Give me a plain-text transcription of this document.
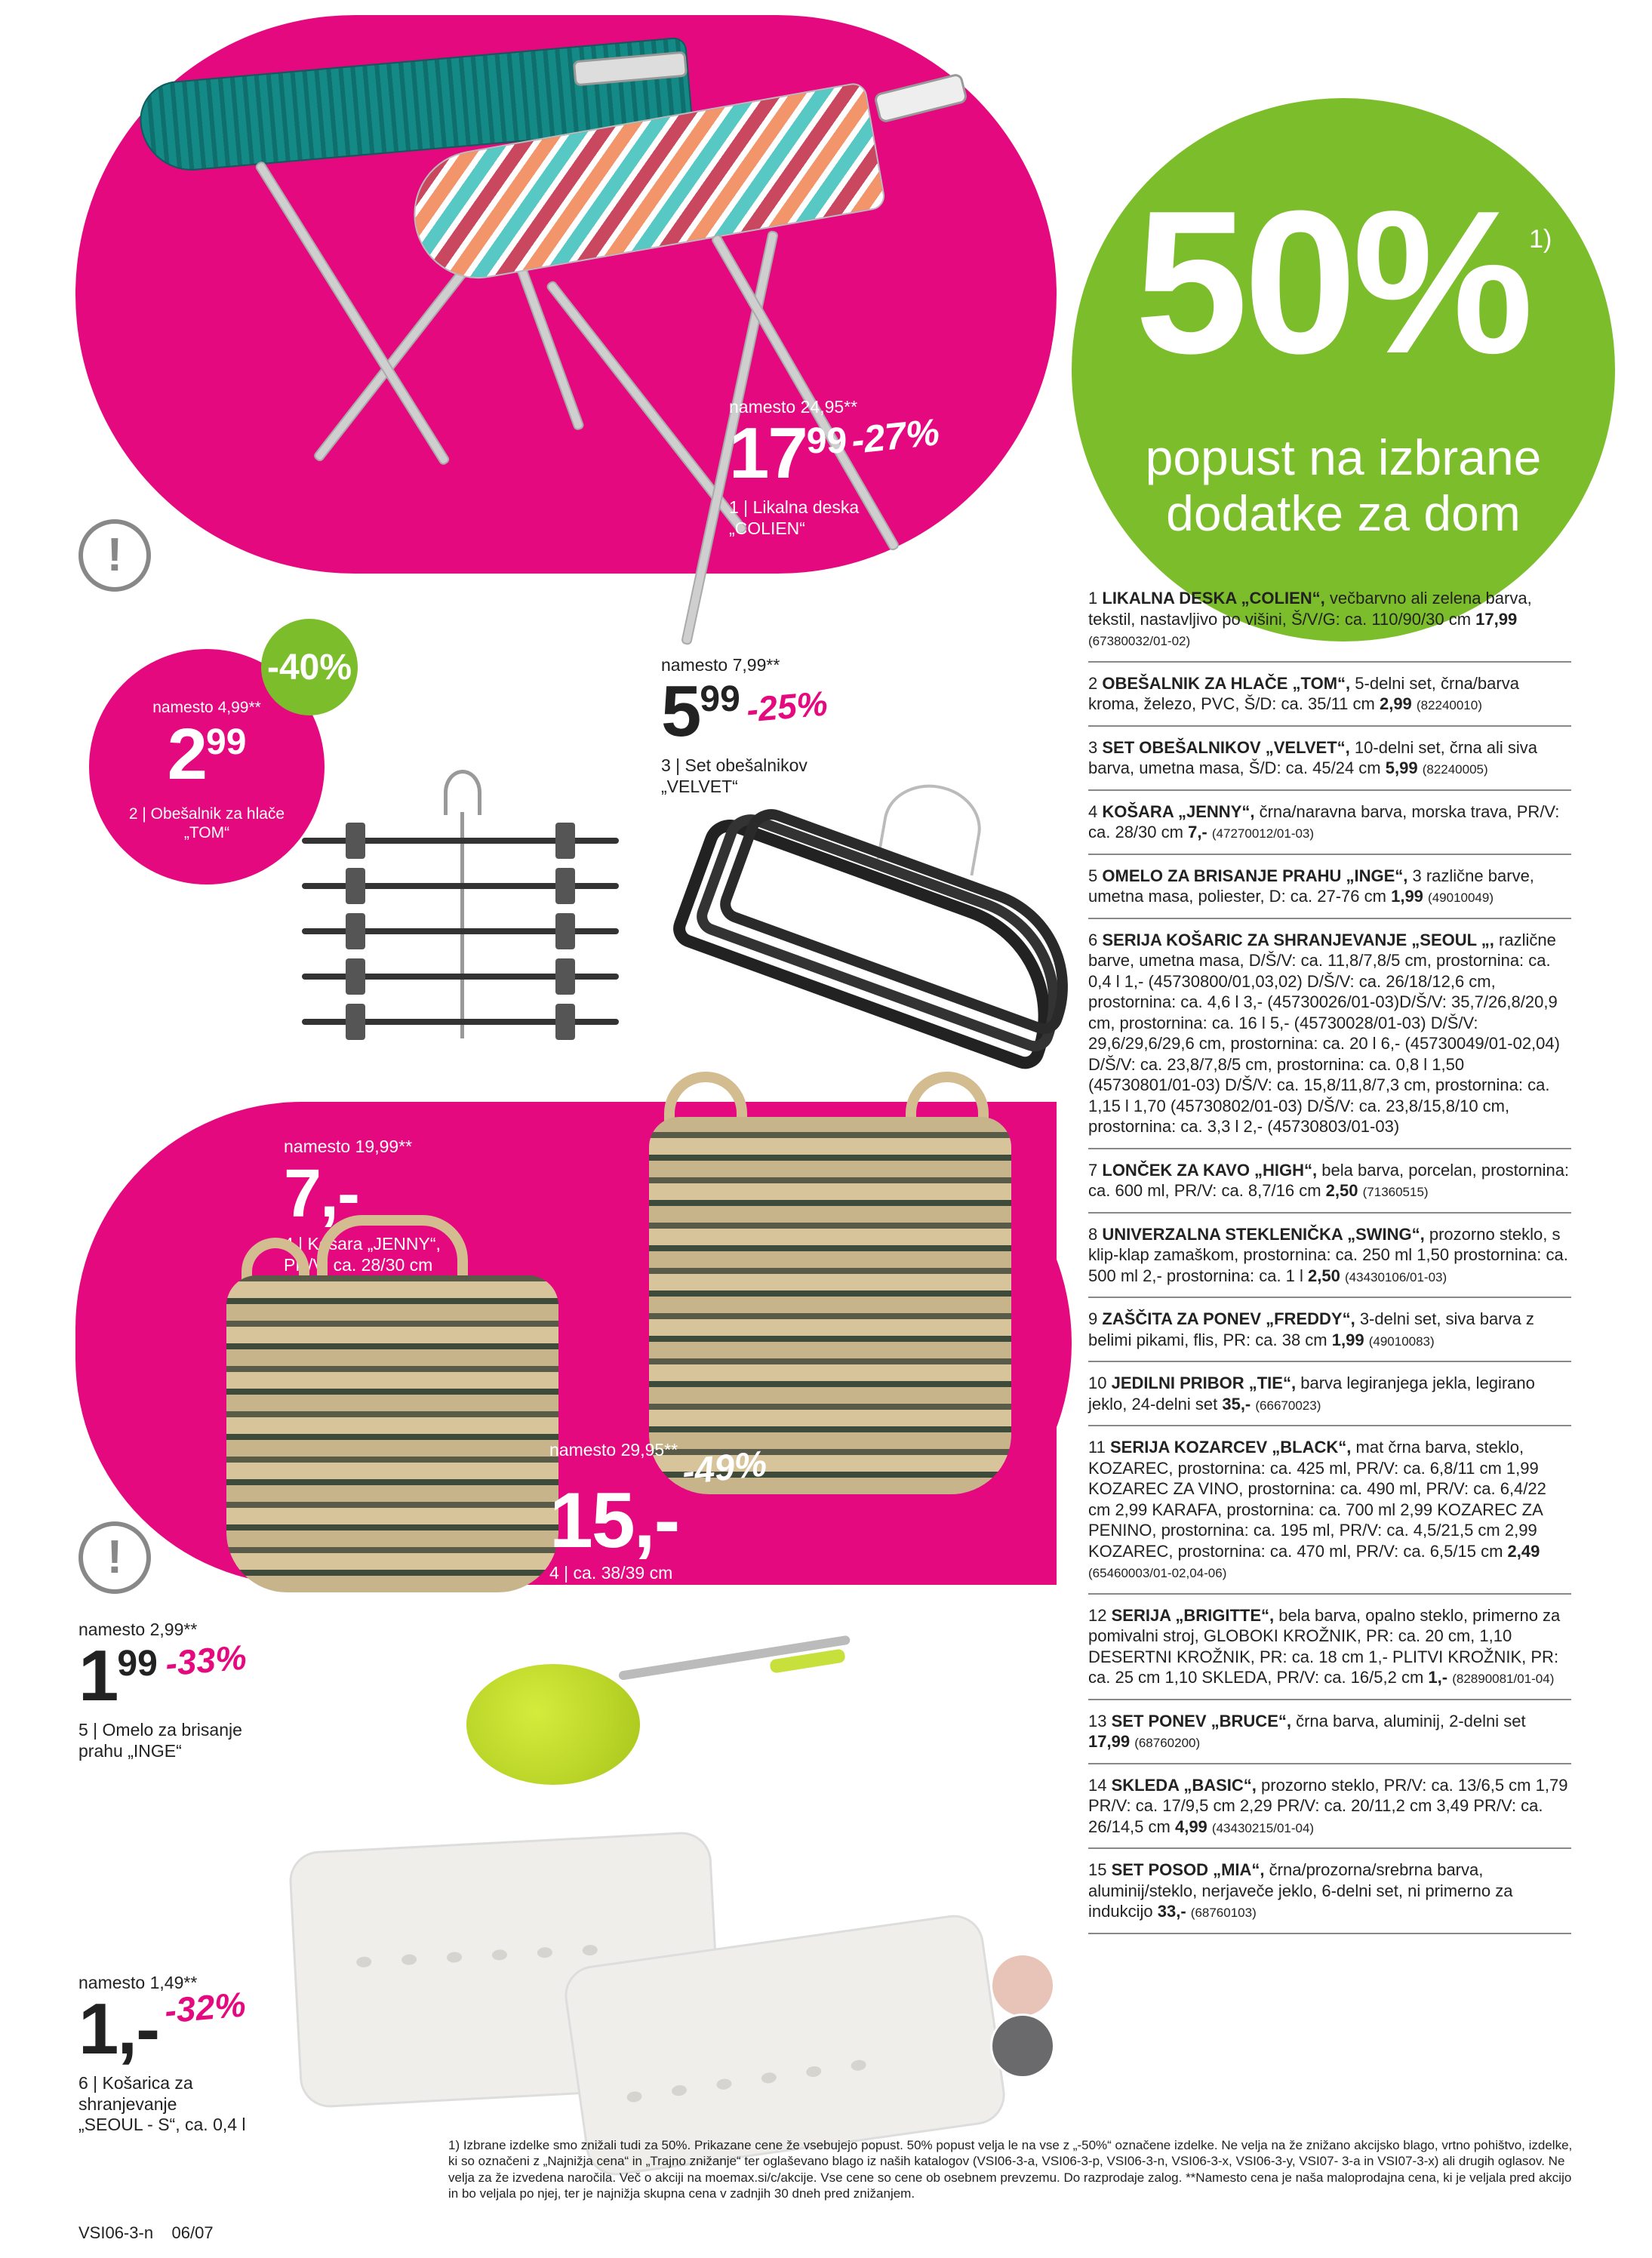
50%$^{1)}$
popust na izbrane
dodatke za dom
namesto 24,95**
$17^{99}$ -27%
1 | Likalna deska
„COLIEN“
!
-40%
namesto 4,99**
$2^{99}$
2 | Obešalnik za hlače
„TOM“
namesto 7,99**
$5^{99}$ -25%
3 | Set obešalnikov
„VELVET“
namesto 19,99**
7,-
4 | Košara „JENNY“,
PR/V: ca. 28/30 cm
namesto 29,95** -49%
15,-
4 | ca. 38/39 cm
!
namesto 2,99**
$1^{99}$ -33%
5 | Omelo za brisanje
prahu „INGE“
namesto 1,49**
1,- -32%
6 | Košarica za
shranjevanje
„SEOUL - S“, ca. 0,4 l
1 LIKALNA DESKA „COLIEN“, večbarvno ali zelena barva, tekstil, nastavljivo po višini, Š/V/G: ca. 110/90/30 cm 17,99 (67380032/01-02)
2 OBEŠALNIK ZA HLAČE „TOM“, 5-delni set, črna/barva kroma, železo, PVC, Š/D: ca. 35/11 cm 2,99 (82240010)
3 SET OBEŠALNIKOV „VELVET“, 10-delni set, črna ali siva barva, umetna masa, Š/D: ca. 45/24 cm 5,99 (82240005)
4 KOŠARA „JENNY“, črna/naravna barva, morska trava, PR/V: ca. 28/30 cm 7,- (47270012/01-03)
5 OMELO ZA BRISANJE PRAHU „INGE“, 3 različne barve, umetna masa, poliester, D: ca. 27-76 cm 1,99 (49010049)
6 SERIJA KOŠARIC ZA SHRANJEVANJE „SEOUL „, različne barve, umetna masa, D/Š/V: ca. 11,8/7,8/5 cm, prostornina: ca. 0,4 l 1,- (45730800/01,03,02) D/Š/V: ca. 26/18/12,6 cm, prostornina: ca. 4,6 l 3,- (45730026/01-03)D/Š/V: 35,7/26,8/20,9 cm, prostornina: ca. 16 l 5,- (45730028/01-03) D/Š/V: 29,6/29,6/29,6 cm, prostornina: ca. 20 l 6,- (45730049/01-02,04) D/Š/V: ca. 23,8/7,8/5 cm, prostornina: ca. 0,8 l 1,50 (45730801/01-03) D/Š/V: ca. 15,8/11,8/7,3 cm, prostornina: ca. 1,15 l 1,70 (45730802/01-03) D/Š/V: ca. 23,8/15,8/10 cm, prostornina: ca. 3,3 l 2,- (45730803/01-03)
7 LONČEK ZA KAVO „HIGH“, bela barva, porcelan, prostornina: ca. 600 ml, PR/V: ca. 8,7/16 cm 2,50 (71360515)
8 UNIVERZALNA STEKLENIČKA „SWING“, prozorno steklo, s klip-klap zamaškom, prostornina: ca. 250 ml 1,50 prostornina: ca. 500 ml 2,- prostornina: ca. 1 l 2,50 (43430106/01-03)
9 ZAŠČITA ZA PONEV „FREDDY“, 3-delni set, siva barva z belimi pikami, flis, PR: ca. 38 cm 1,99 (49010083)
10 JEDILNI PRIBOR „TIE“, barva legiranjega jekla, legirano jeklo, 24-delni set 35,- (66670023)
11 SERIJA KOZARCEV „BLACK“, mat črna barva, steklo, KOZAREC, prostornina: ca. 425 ml, PR/V: ca. 6,8/11 cm 1,99 KOZAREC ZA VINO, prostornina: ca. 490 ml, PR/V: ca. 6,4/22 cm 2,99 KARAFA, prostornina: ca. 700 ml 2,99 KOZAREC ZA PENINO, prostornina: ca. 195 ml, PR/V: ca. 4,5/21,5 cm 2,99 KOZAREC, prostornina: ca. 470 ml, PR/V: ca. 6,5/15 cm 2,49 (65460003/01-02,04-06)
12 SERIJA „BRIGITTE“, bela barva, opalno steklo, primerno za pomivalni stroj, GLOBOKI KROŽNIK, PR: ca. 20 cm, 1,10 DESERTNI KROŽNIK, PR: ca. 18 cm 1,- PLITVI KROŽNIK, PR: ca. 25 cm 1,10 SKLEDA, PR/V: ca. 16/5,2 cm 1,- (82890081/01-04)
13 SET PONEV „BRUCE“, črna barva, aluminij, 2-delni set 17,99 (68760200)
14 SKLEDA „BASIC“, prozorno steklo, PR/V: ca. 13/6,5 cm 1,79 PR/V: ca. 17/9,5 cm 2,29 PR/V: ca. 20/11,2 cm 3,49 PR/V: ca. 26/14,5 cm 4,99 (43430215/01-04)
15 SET POSOD „MIA“, črna/prozorna/srebrna barva, aluminij/steklo, nerjaveče jeklo, 6-delni set, ni primerno za indukcijo 33,- (68760103)
1) Izbrane izdelke smo znižali tudi za 50%. Prikazane cene že vsebujejo popust. 50% popust velja le na vse z „-50%“ označene izdelke. Ne velja na že znižano akcijsko blago, vrtno pohištvo, izdelke, ki so označeni z „Najnižja cena“ in „Trajno znižanje“ ter oglaševano blago iz naših katalogov (VSI06-3-a, VSI06-3-p, VSI06-3-n, VSI06-3-x, VSI06-3-y, VSI07- 3-a in VSI07-3-x) ali drugih oglasov. Ne velja za že izvedena naročila. Več o akciji na moemax.si/c/akcije. Vse cene so cene ob osebnem prevzemu. Do razprodaje zalog. **Namesto cena je naša maloprodajna cena, ki je veljala pred akcijo in bo veljala po njej, ter je najnižja skupna cena v zadnjih 30 dneh pred znižanjem.
VSI06-3-n    06/07
